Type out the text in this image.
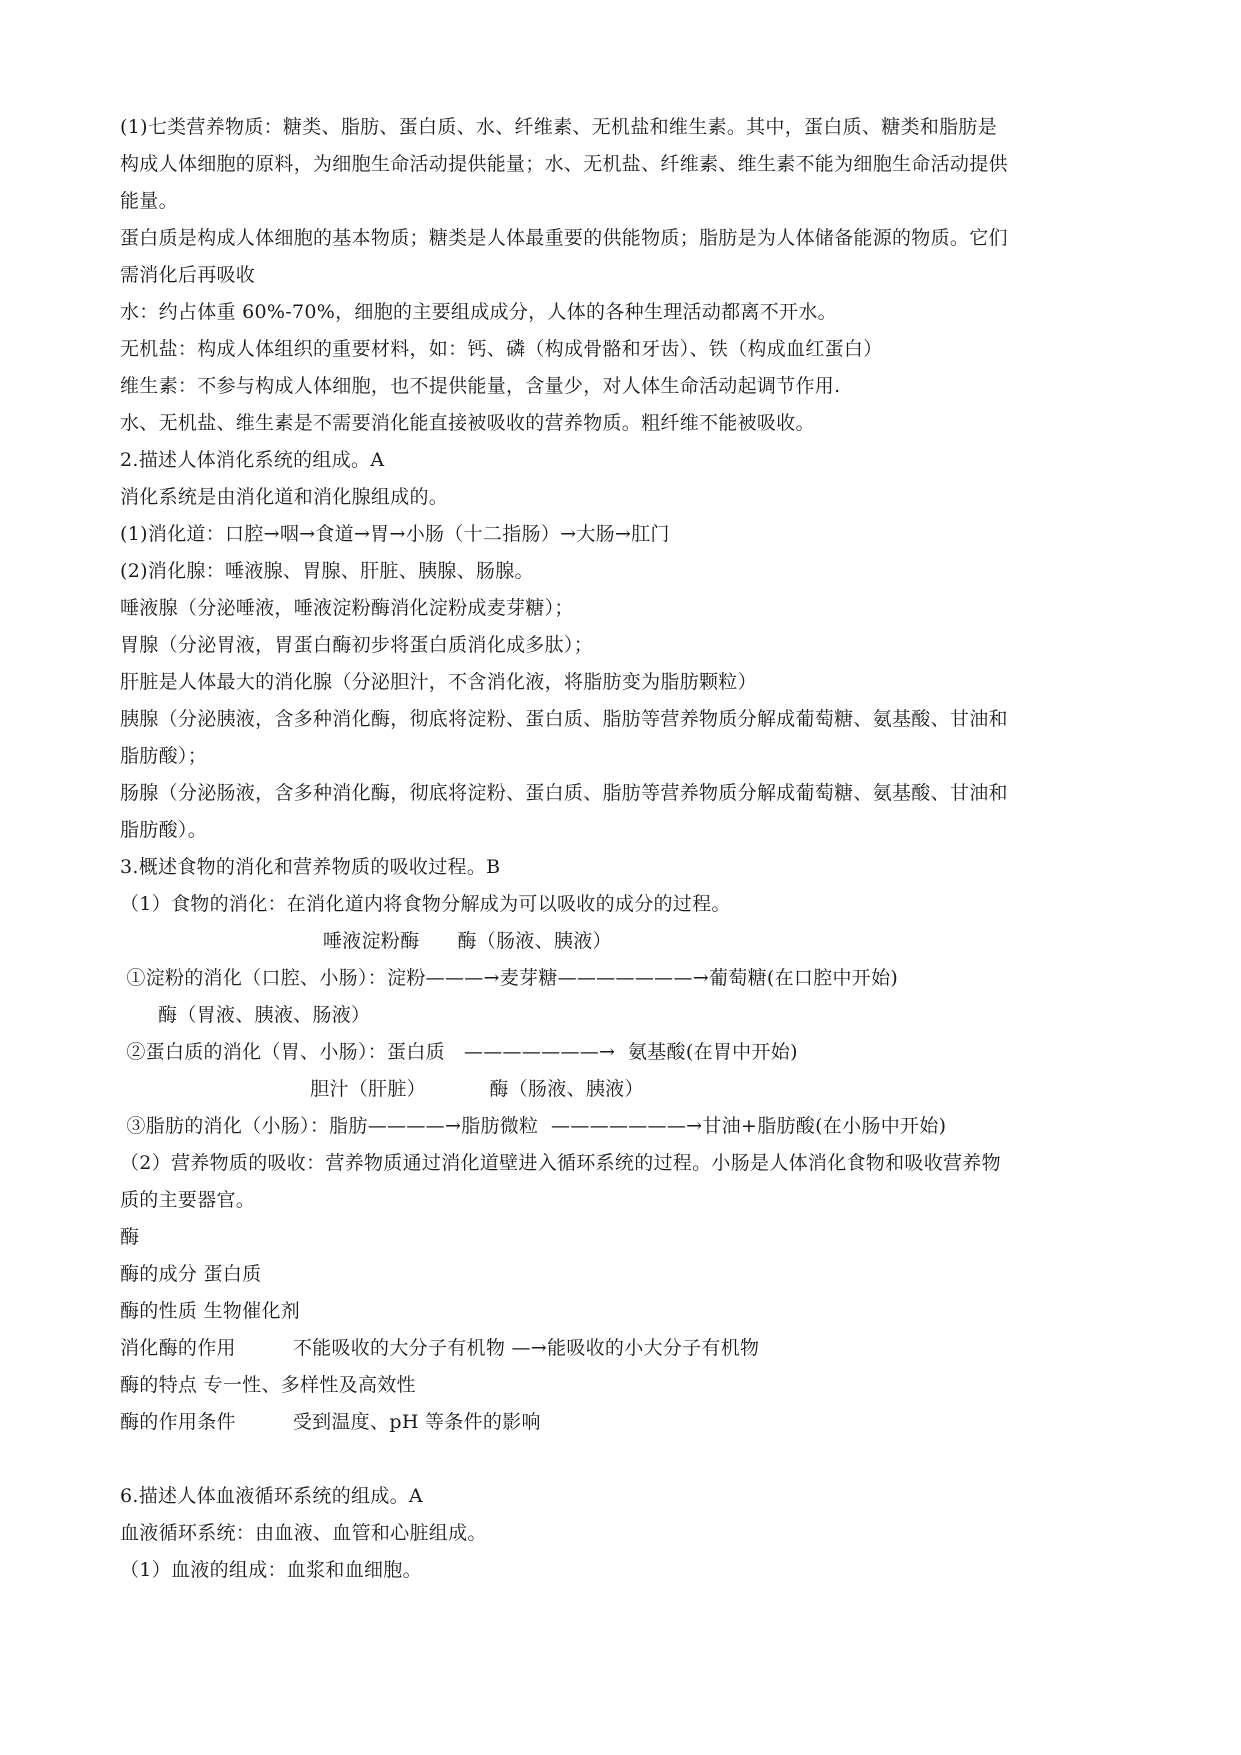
(1)七类营养物质：糖类、脂肪、蛋白质、水、纤维素、无机盐和维生素。其中，蛋白质、糖类和脂肪是
构成人体细胞的原料，为细胞生命活动提供能量；水、无机盐、纤维素、维生素不能为细胞生命活动提供
能量。
蛋白质是构成人体细胞的基本物质；糖类是人体最重要的供能物质；脂肪是为人体储备能源的物质。它们
需消化后再吸收
水：约占体重 60%-70%，细胞的主要组成成分，人体的各种生理活动都离不开水。
无机盐：构成人体组织的重要材料，如：钙、磷（构成骨骼和牙齿）、铁（构成血红蛋白）
维生素：不参与构成人体细胞，也不提供能量，含量少，对人体生命活动起调节作用.
水、无机盐、维生素是不需要消化能直接被吸收的营养物质。粗纤维不能被吸收。
2.描述人体消化系统的组成。A
消化系统是由消化道和消化腺组成的。
(1)消化道：口腔→咽→食道→胃→小肠（十二指肠）→大肠→肛门
(2)消化腺：唾液腺、胃腺、肝脏、胰腺、肠腺。
唾液腺（分泌唾液，唾液淀粉酶消化淀粉成麦芽糖）；
胃腺（分泌胃液，胃蛋白酶初步将蛋白质消化成多肽）；
肝脏是人体最大的消化腺（分泌胆汁，不含消化液，将脂肪变为脂肪颗粒）
胰腺（分泌胰液，含多种消化酶，彻底将淀粉、蛋白质、脂肪等营养物质分解成葡萄糖、氨基酸、甘油和
脂肪酸）；
肠腺（分泌肠液，含多种消化酶，彻底将淀粉、蛋白质、脂肪等营养物质分解成葡萄糖、氨基酸、甘油和
脂肪酸）。
3.概述食物的消化和营养物质的吸收过程。B
（1）食物的消化：在消化道内将食物分解成为可以吸收的成分的过程。
唾液淀粉酶      酶（肠液、胰液）
①淀粉的消化（口腔、小肠）：淀粉———→麦芽糖———————→葡萄糖(在口腔中开始)
酶（胃液、胰液、肠液）
②蛋白质的消化（胃、小肠）：蛋白质   ———————→  氨基酸(在胃中开始)
胆汁（肝脏）          酶（肠液、胰液）
③脂肪的消化（小肠）：脂肪————→脂肪微粒  ———————→甘油+脂肪酸(在小肠中开始)
（2）营养物质的吸收：营养物质通过消化道壁进入循环系统的过程。小肠是人体消化食物和吸收营养物
质的主要器官。
酶
酶的成分 蛋白质
酶的性质 生物催化剂
消化酶的作用         不能吸收的大分子有机物 —→能吸收的小大分子有机物
酶的特点 专一性、多样性及高效性
酶的作用条件         受到温度、pH 等条件的影响
6.描述人体血液循环系统的组成。A
血液循环系统：由血液、血管和心脏组成。
（1）血液的组成：血浆和血细胞。
